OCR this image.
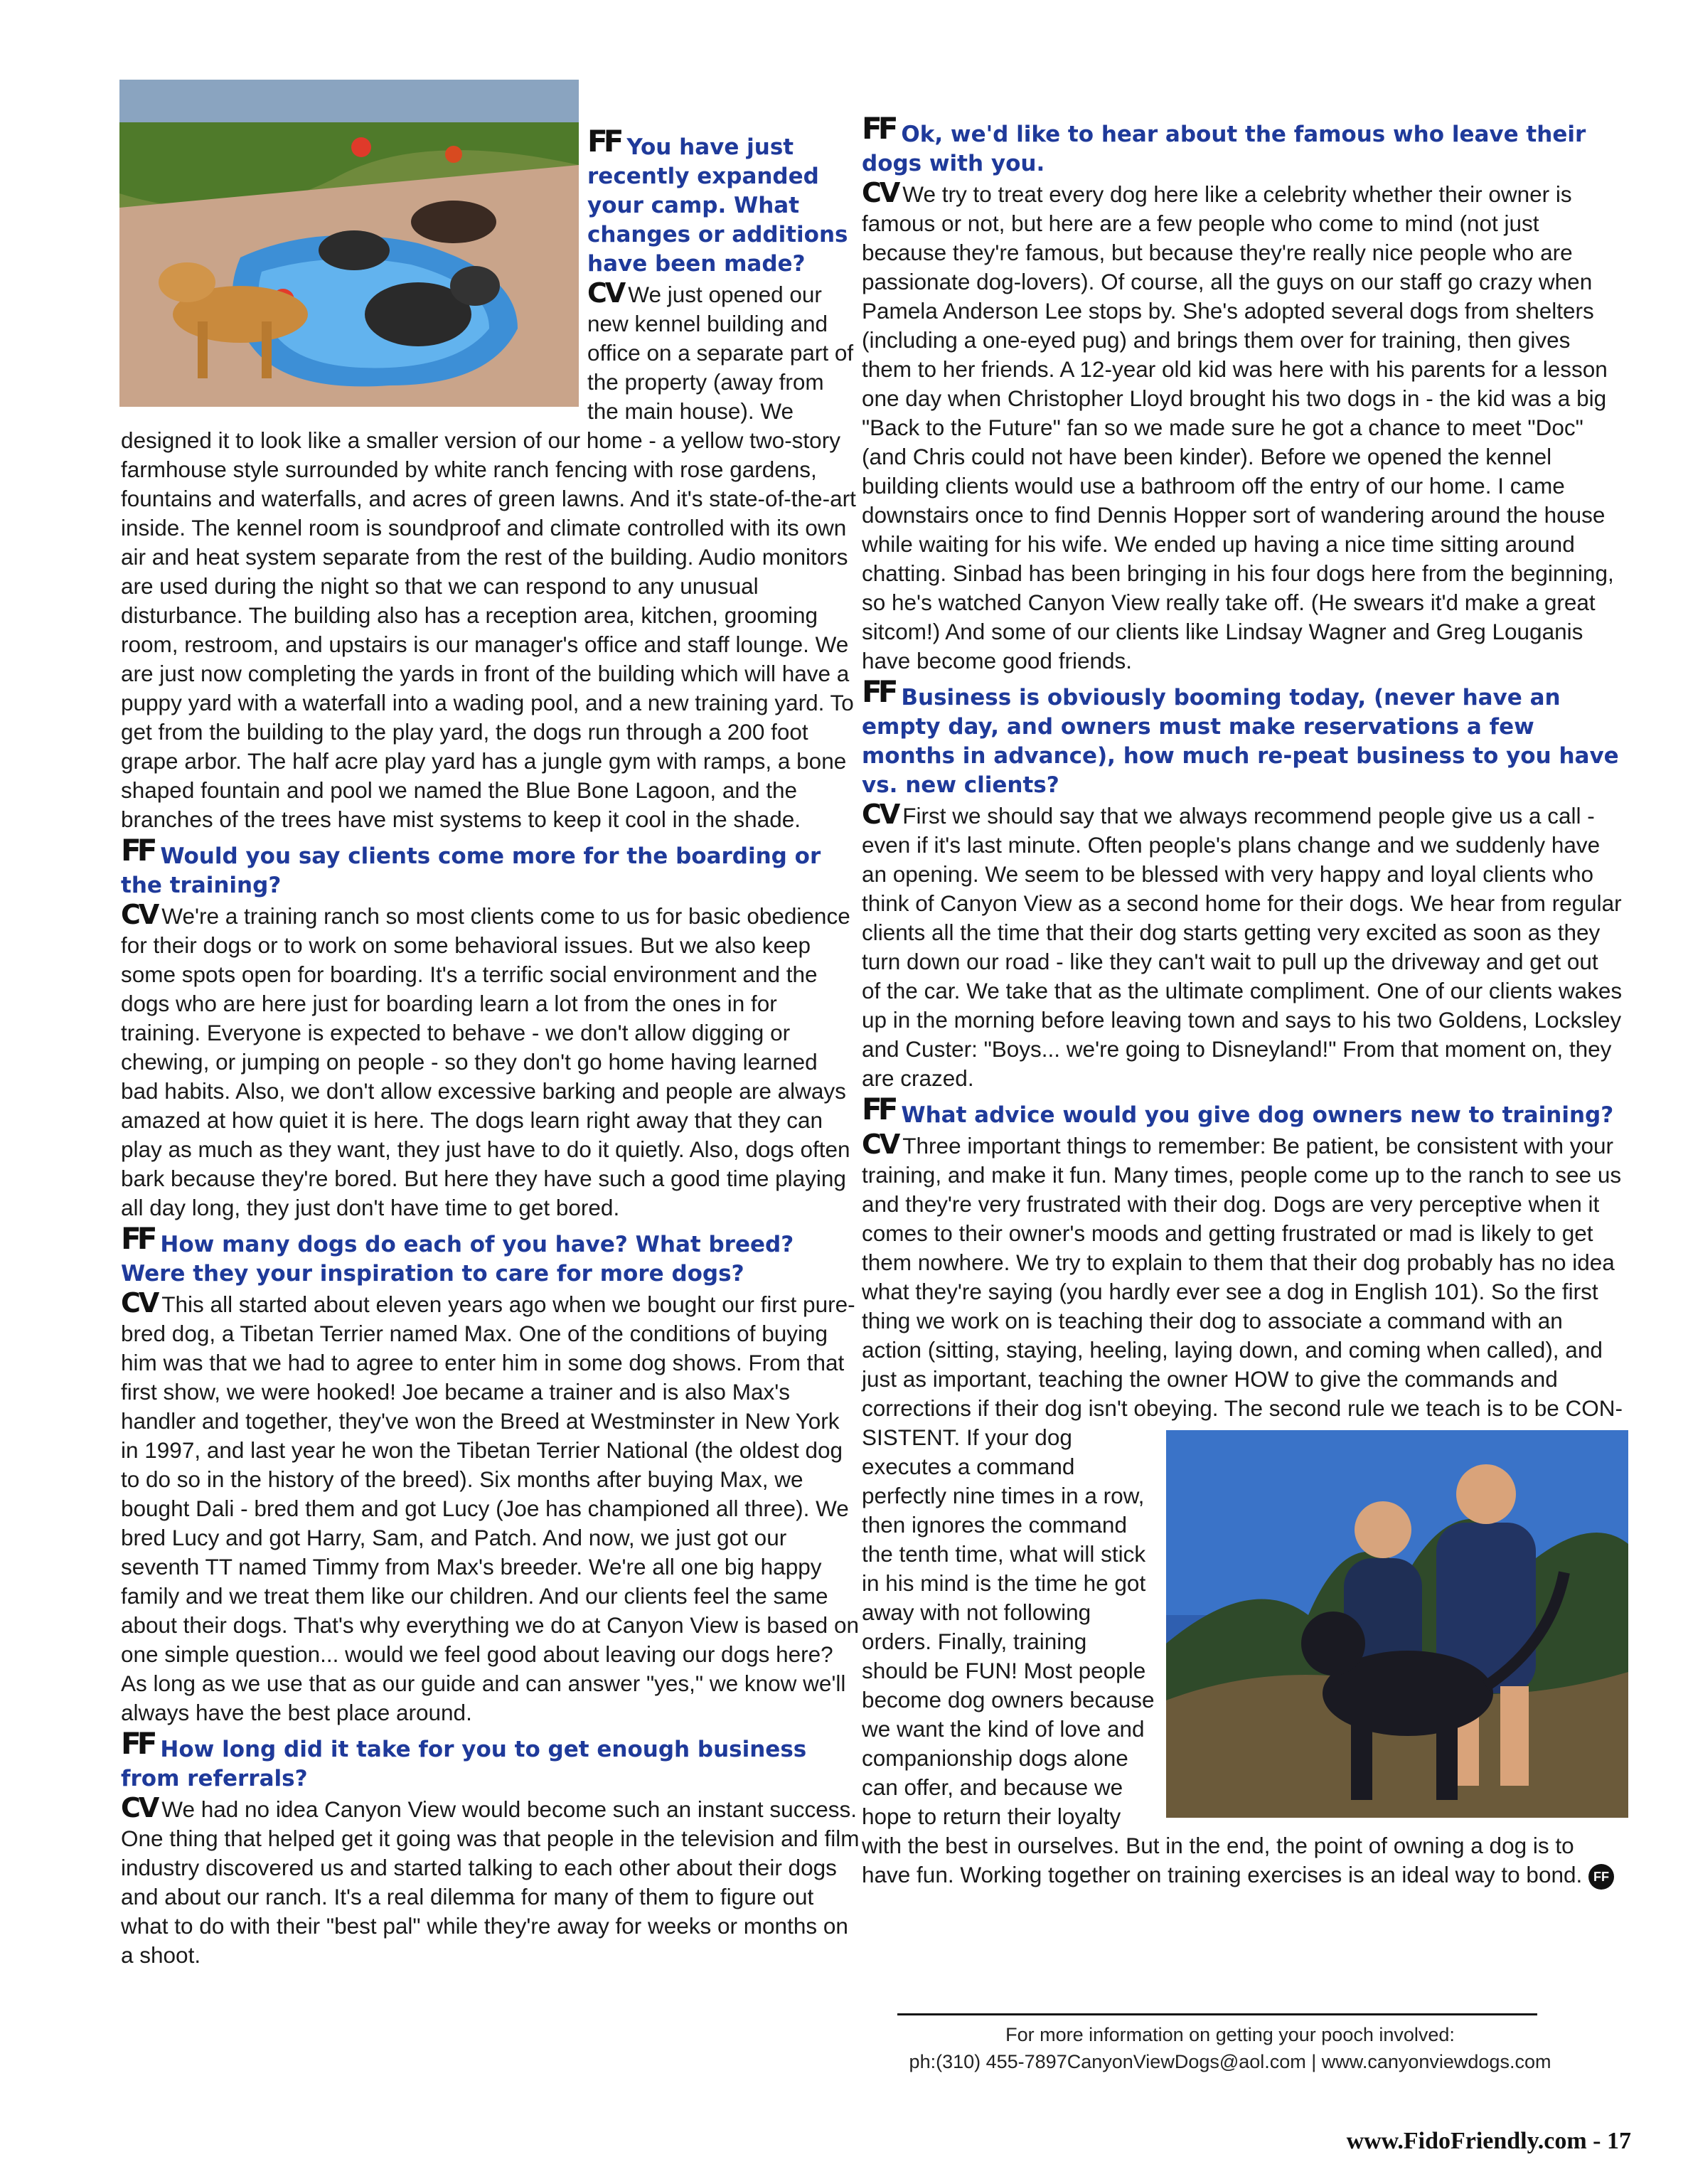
FF You have just recently expanded your camp. What changes or additions have been made?

CV We just opened our new kennel building and office on a separate part of the property (away from the main house). We designed it to look like a smaller version of our home - a yellow two-story farmhouse style surrounded by white ranch fencing with rose gardens, fountains and waterfalls, and acres of green lawns. And it's state-of-the-art inside. The kennel room is soundproof and climate controlled with its own air and heat system separate from the rest of the building. Audio monitors are used during the night so that we can respond to any unusual disturbance. The building also has a reception area, kitchen, grooming room, restroom, and upstairs is our manager's office and staff lounge. We are just now completing the yards in front of the building which will have a puppy yard with a waterfall into a wading pool, and a new training yard. To get from the building to the play yard, the dogs run through a 200 foot grape arbor. The half acre play yard has a jungle gym with ramps, a bone shaped fountain and pool we named the Blue Bone Lagoon, and the branches of the trees have mist systems to keep it cool in the shade.

FF Would you say clients come more for the boarding or the training?

CV We're a training ranch so most clients come to us for basic obedience for their dogs or to work on some behavioral issues. But we also keep some spots open for boarding. It's a terrific social environment and the dogs who are here just for boarding learn a lot from the ones in for training. Everyone is expected to behave - we don't allow digging or chewing, or jumping on people - so they don't go home having learned bad habits. Also, we don't allow excessive barking and people are always amazed at how quiet it is here. The dogs learn right away that they can play as much as they want, they just have to do it quietly. Also, dogs often bark because they're bored. But here they have such a good time playing all day long, they just don't have time to get bored.

FF How many dogs do each of you have? What breed? Were they your inspiration to care for more dogs?

CV This all started about eleven years ago when we bought our first pure-bred dog, a Tibetan Terrier named Max. One of the conditions of buying him was that we had to agree to enter him in some dog shows. From that first show, we were hooked! Joe became a trainer and is also Max's handler and together, they've won the Breed at Westminster in New York in 1997, and last year he won the Tibetan Terrier National (the oldest dog to do so in the history of the breed). Six months after buying Max, we bought Dali - bred them and got Lucy (Joe has championed all three). We bred Lucy and got Harry, Sam, and Patch. And now, we just got our seventh TT named Timmy from Max's breeder. We're all one big happy family and we treat them like our children. And our clients feel the same about their dogs. That's why everything we do at Canyon View is based on one simple question... would we feel good about leaving our dogs here? As long as we use that as our guide and can answer "yes," we know we'll always have the best place around.

FF How long did it take for you to get enough business from referrals?

CV We had no idea Canyon View would become such an instant success. One thing that helped get it going was that people in the television and film industry discovered us and started talking to each other about their dogs and about our ranch. It's a real dilemma for many of them to figure out what to do with their "best pal" while they're away for weeks or months on a shoot.

FF Ok, we'd like to hear about the famous who leave their dogs with you.

CV We try to treat every dog here like a celebrity whether their owner is famous or not, but here are a few people who come to mind (not just because they're famous, but because they're really nice people who are passionate dog-lovers). Of course, all the guys on our staff go crazy when Pamela Anderson Lee stops by. She's adopted several dogs from shelters (including a one-eyed pug) and brings them over for training, then gives them to her friends. A 12-year old kid was here with his parents for a lesson one day when Christopher Lloyd brought his two dogs in - the kid was a big "Back to the Future" fan so we made sure he got a chance to meet "Doc" (and Chris could not have been kinder). Before we opened the kennel building clients would use a bathroom off the entry of our home. I came downstairs once to find Dennis Hopper sort of wandering around the house while waiting for his wife. We ended up having a nice time sitting around chatting. Sinbad has been bringing in his four dogs here from the beginning, so he's watched Canyon View really take off. (He swears it'd make a great sitcom!) And some of our clients like Lindsay Wagner and Greg Louganis have become good friends.

FF Business is obviously booming today, (never have an empty day, and owners must make reservations a few months in advance), how much re-peat business to you have vs. new clients?

CV First we should say that we always recommend people give us a call - even if it's last minute. Often people's plans change and we suddenly have an opening. We seem to be blessed with very happy and loyal clients who think of Canyon View as a second home for their dogs. We hear from regular clients all the time that their dog starts getting very excited as soon as they turn down our road - like they can't wait to pull up the driveway and get out of the car. We take that as the ultimate compliment. One of our clients wakes up in the morning before leaving town and says to his two Goldens, Locksley and Custer: "Boys... we're going to Disneyland!" From that moment on, they are crazed.

FF What advice would you give dog owners new to training?

CV Three important things to remember: Be patient, be consistent with your training, and make it fun. Many times, people come up to the ranch to see us and they're very frustrated with their dog. Dogs are very perceptive when it comes to their owner's moods and getting frustrated or mad is likely to get them nowhere. We try to explain to them that their dog probably has no idea what they're saying (you hardly ever see a dog in English 101). So the first thing we work on is teaching their dog to associate a command with an action (sitting, staying, heeling, laying down, and coming when called), and just as important, teaching the owner HOW to give the commands and corrections if their dog isn't obeying. The second rule we teach is to be CON-SISTENT. If your dog executes a command perfectly nine times in a row, then ignores the command the tenth time, what will stick in his mind is the time he got away with not following orders. Finally, training should be FUN! Most people become dog owners because we want the kind of love and companionship dogs alone can offer, and because we hope to return their loyalty with the best in ourselves. But in the end, the point of owning a dog is to have fun. Working together on training exercises is an ideal way to bond. FF

For more information on getting your pooch involved:
ph:(310) 455-7897CanyonViewDogs@aol.com | www.canyonviewdogs.com
www.FidoFriendly.com - 17
